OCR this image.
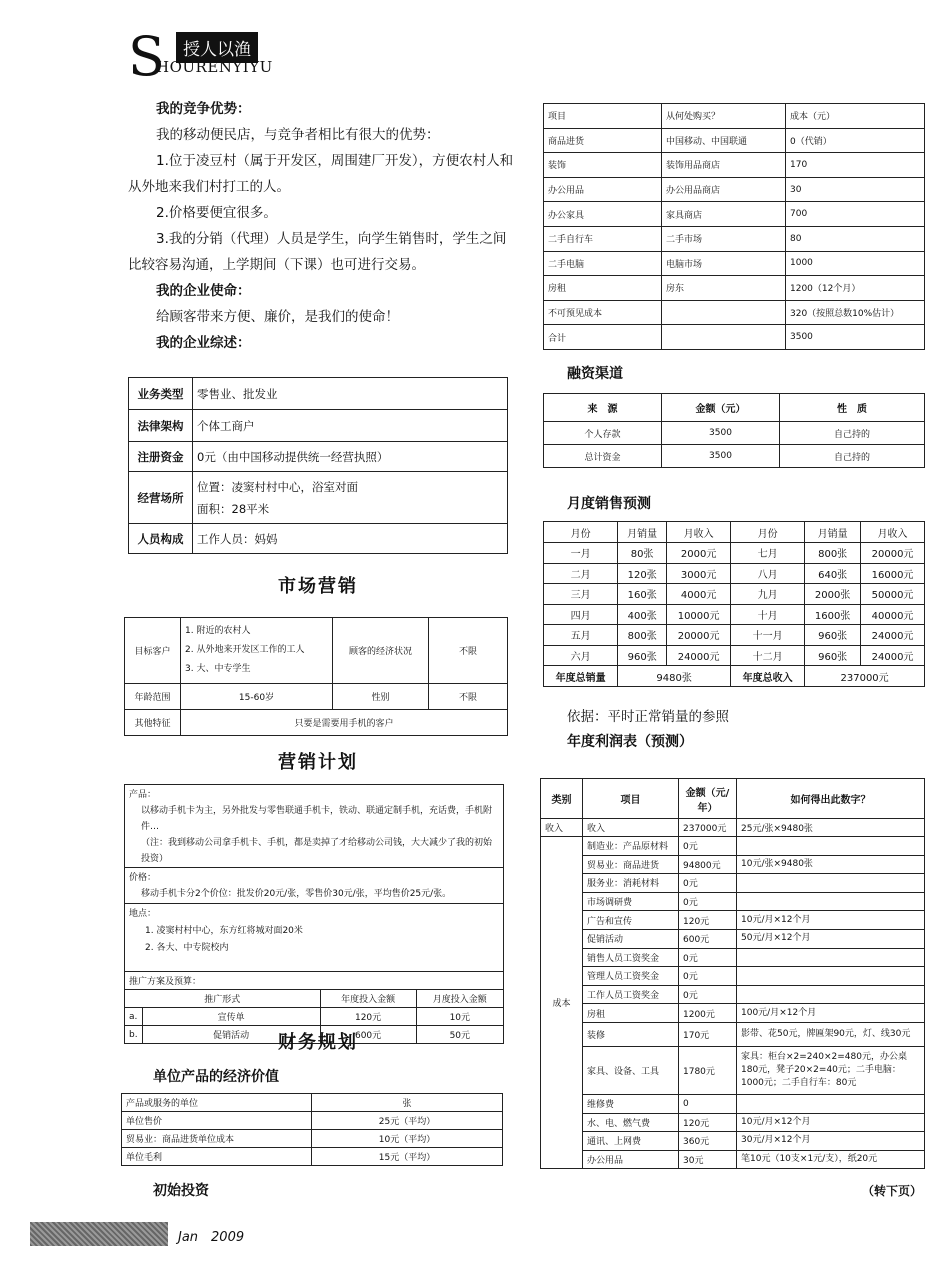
S	授人以渔
HOURENYIYU
我的竞争优势：
我的移动便民店，与竞争者相比有很大的优势：
1.位于凌豆村（属于开发区，周围建厂开发），方便农村人和从外地来我们村打工的人。
2.价格要便宜很多。
3.我的分销（代理）人员是学生，向学生销售时，学生之间比较容易沟通，上学期间（下课）也可进行交易。
我的企业使命：
给顾客带来方便、廉价，是我们的使命！
我的企业综述：
业务类型	零售业、批发业

法律架构	个体工商户

注册资金	0元（由中国移动提供统一经营执照）

经营场所	位置：凌窦村村中心，浴室对面
面积：28平米

人员构成	工作人员：妈妈
市场营销
目标客户	1. 附近的农村人
2. 从外地来开发区工作的工人
3. 大、中专学生	顾客的经济状况	不限
年龄范围	15-60岁	性别	不限
其他特征	只要是需要用手机的客户		
营销计划
产品：
以移动手机卡为主，另外批发与零售联通手机卡，铁动、联通定制手机，充话费，手机附件…
（注：我到移动公司拿手机卡、手机，都是卖掉了才给移动公司钱，大大减少了我的初始投资）			

价格：
移动手机卡分2个价位：批发价20元/张，零售价30元/张，平均售价25元/张。			

地点：
1. 凌窦村村中心，东方红将城对面20米
2. 各大、中专院校内			

推广方案及预算：			
推广形式		年度投入金额	月度投入金额
a.	宣传单	120元	10元
b.	促销活动	600元	50元
财务规划
单位产品的经济价值
产品或服务的单位	张
单位售价	25元（平均）
贸易业：商品进货单位成本	10元（平均）
单位毛利	15元（平均）
初始投资
项目	从何处购买？	成本（元）
商品进货	中国移动、中国联通	0（代销）
装饰	装饰用品商店	170
办公用品	办公用品商店	30
办公家具	家具商店	700
二手自行车	二手市场	80
二手电脑	电脑市场	1000
房租	房东	1200（12个月）
不可预见成本		320（按照总数10%估计）
合计		3500
融资渠道
来　源	金额（元）	性　质
个人存款	3500	自己持的
总计资金	3500	自己持的
月度销售预测
月份	月销量	月收入	月份	月销量	月收入
一月	80张	2000元	七月	800张	20000元
二月	120张	3000元	八月	640张	16000元
三月	160张	4000元	九月	2000张	50000元
四月	400张	10000元	十月	1600张	40000元
五月	800张	20000元	十一月	960张	24000元
六月	960张	24000元	十二月	960张	24000元
年度总销量	9480张		年度总收入	237000元	
依据：平时正常销量的参照
年度利润表（预测）
类别	项目	金额（元/年）	如何得出此数字？
收入	收入	237000元	25元/张×9480张
成本	制造业：产品原材料	0元	
	贸易业：商品进货	94800元	10元/张×9480张
	服务业：消耗材料	0元	
	市场调研费	0元	
	广告和宣传	120元	10元/月×12个月
	促销活动	600元	50元/月×12个月
	销售人员工资奖金	0元	
	管理人员工资奖金	0元	
	工作人员工资奖金	0元	
	房租	1200元	100元/月×12个月
	装修	170元	影带、花50元，牌匾架90元，灯、线30元
	家具、设备、工具	1780元	家具：柜台×2=240×2=480元，办公桌180元，凳子20×2=40元；二手电脑：1000元；二手自行车：80元
	维修费	0	
	水、电、燃气费	120元	10元/月×12个月
	通讯、上网费	360元	30元/月×12个月
	办公用品	30元	笔10元（10支×1元/支），纸20元
（转下页）
Jan　2009
